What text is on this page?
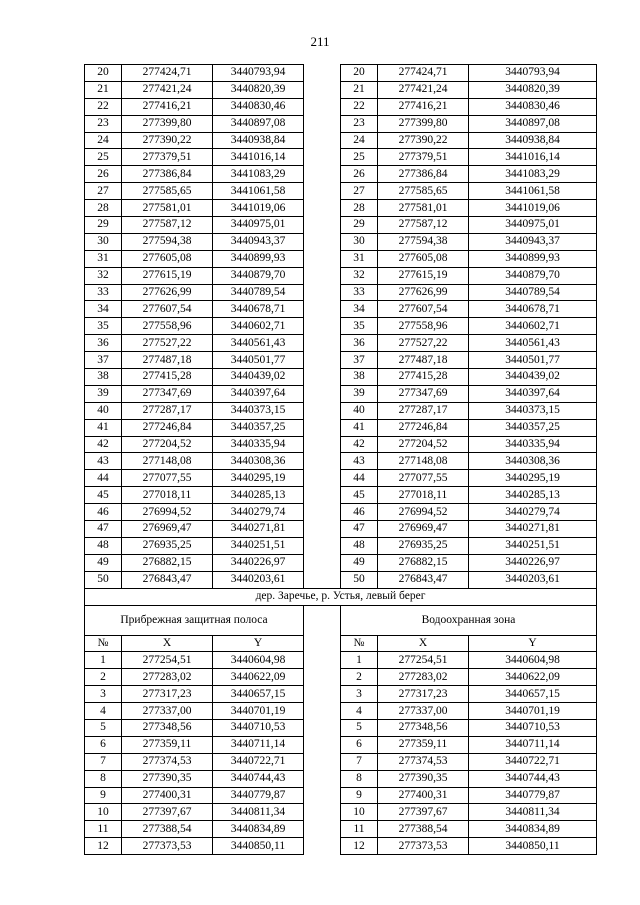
211
20	277424,71	3440793,94		20	277424,71	3440793,94
21	277421,24	3440820,39		21	277421,24	3440820,39
22	277416,21	3440830,46		22	277416,21	3440830,46
23	277399,80	3440897,08		23	277399,80	3440897,08
24	277390,22	3440938,84		24	277390,22	3440938,84
25	277379,51	3441016,14		25	277379,51	3441016,14
26	277386,84	3441083,29		26	277386,84	3441083,29
27	277585,65	3441061,58		27	277585,65	3441061,58
28	277581,01	3441019,06		28	277581,01	3441019,06
29	277587,12	3440975,01		29	277587,12	3440975,01
30	277594,38	3440943,37		30	277594,38	3440943,37
31	277605,08	3440899,93		31	277605,08	3440899,93
32	277615,19	3440879,70		32	277615,19	3440879,70
33	277626,99	3440789,54		33	277626,99	3440789,54
34	277607,54	3440678,71		34	277607,54	3440678,71
35	277558,96	3440602,71		35	277558,96	3440602,71
36	277527,22	3440561,43		36	277527,22	3440561,43
37	277487,18	3440501,77		37	277487,18	3440501,77
38	277415,28	3440439,02		38	277415,28	3440439,02
39	277347,69	3440397,64		39	277347,69	3440397,64
40	277287,17	3440373,15		40	277287,17	3440373,15
41	277246,84	3440357,25		41	277246,84	3440357,25
42	277204,52	3440335,94		42	277204,52	3440335,94
43	277148,08	3440308,36		43	277148,08	3440308,36
44	277077,55	3440295,19		44	277077,55	3440295,19
45	277018,11	3440285,13		45	277018,11	3440285,13
46	276994,52	3440279,74		46	276994,52	3440279,74
47	276969,47	3440271,81		47	276969,47	3440271,81
48	276935,25	3440251,51		48	276935,25	3440251,51
49	276882,15	3440226,97		49	276882,15	3440226,97
50	276843,47	3440203,61		50	276843,47	3440203,61
дер. Заречье, р. Устья, левый берег						
Прибрежная защитная полоса				Водоохранная зона		
№	X	Y		№	X	Y
1	277254,51	3440604,98		1	277254,51	3440604,98
2	277283,02	3440622,09		2	277283,02	3440622,09
3	277317,23	3440657,15		3	277317,23	3440657,15
4	277337,00	3440701,19		4	277337,00	3440701,19
5	277348,56	3440710,53		5	277348,56	3440710,53
6	277359,11	3440711,14		6	277359,11	3440711,14
7	277374,53	3440722,71		7	277374,53	3440722,71
8	277390,35	3440744,43		8	277390,35	3440744,43
9	277400,31	3440779,87		9	277400,31	3440779,87
10	277397,67	3440811,34		10	277397,67	3440811,34
11	277388,54	3440834,89		11	277388,54	3440834,89
12	277373,53	3440850,11		12	277373,53	3440850,11
